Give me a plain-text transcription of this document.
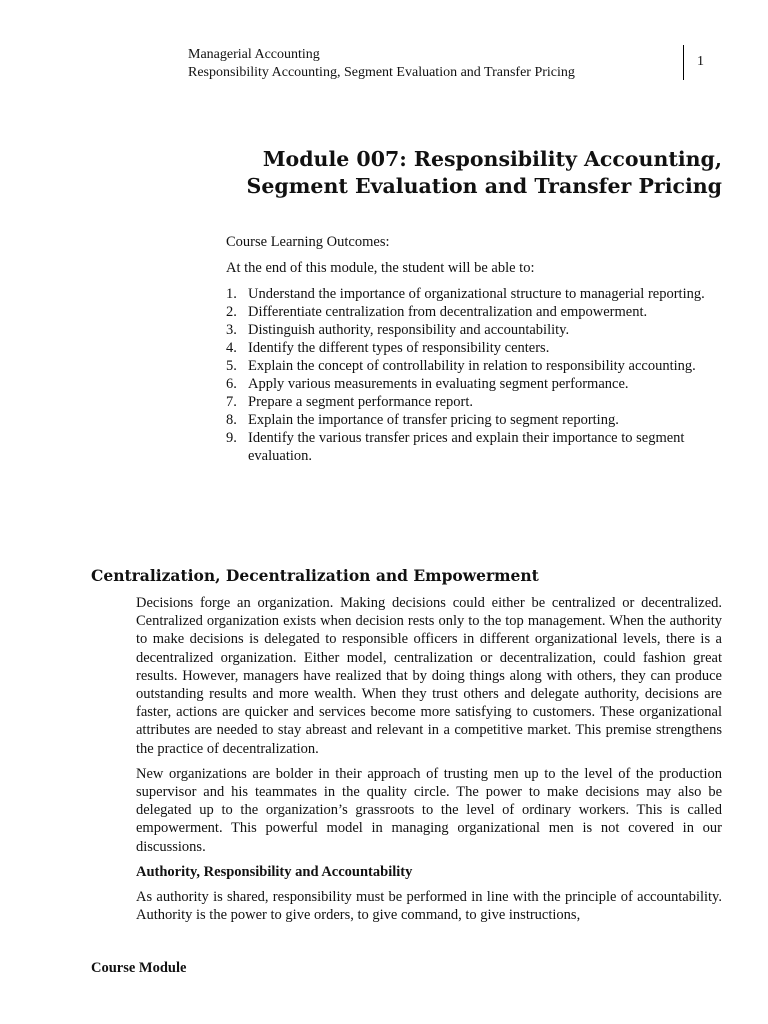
Managerial Accounting
Responsibility Accounting, Segment Evaluation and Transfer Pricing
1
Module 007: Responsibility Accounting,
Segment Evaluation and Transfer Pricing

Course Learning Outcomes:

At the end of this module, the student will be able to:

1. Understand the importance of organizational structure to managerial reporting.
2. Differentiate centralization from decentralization and empowerment.
3. Distinguish authority, responsibility and accountability.
4. Identify the different types of responsibility centers.
5. Explain the concept of controllability in relation to responsibility accounting.
6. Apply various measurements in evaluating segment performance.
7. Prepare a segment performance report.
8. Explain the importance of transfer pricing to segment reporting.
9. Identify the various transfer prices and explain their importance to segment evaluation.
Centralization, Decentralization and Empowerment

Decisions forge an organization. Making decisions could either be centralized or decentralized. Centralized organization exists when decision rests only to the top management. When the authority to make decisions is delegated to responsible officers in different organizational levels, there is a decentralized organization. Either model, centralization or decentralization, could fashion great results. However, managers have realized that by doing things along with others, they can produce outstanding results and more wealth. When they trust others and delegate authority, decisions are faster, actions are quicker and services become more satisfying to customers. These organizational attributes are needed to stay abreast and relevant in a competitive market. This premise strengthens the practice of decentralization.

New organizations are bolder in their approach of trusting men up to the level of the production supervisor and his teammates in the quality circle. The power to make decisions may also be delegated up to the organization’s grassroots to the level of ordinary workers. This is called empowerment. This powerful model in managing organizational men is not covered in our discussions.

Authority, Responsibility and Accountability

As authority is shared, responsibility must be performed in line with the principle of accountability. Authority is the power to give orders, to give command, to give instructions,

Course Module
